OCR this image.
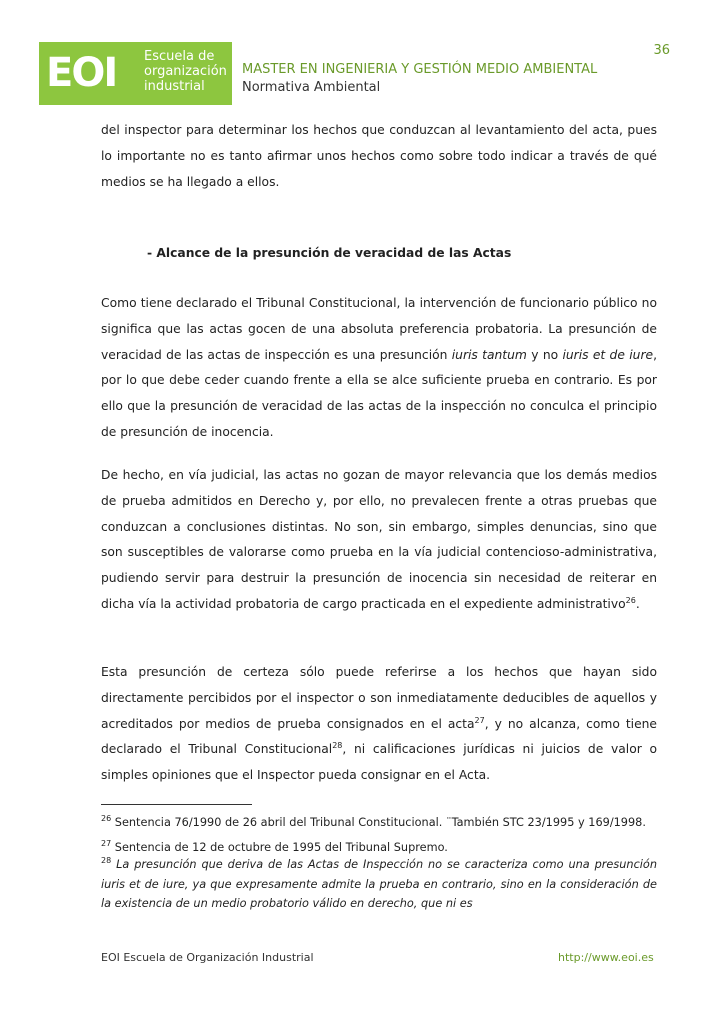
36
EOI Escuela de
organización
industrial
MASTER EN INGENIERIA Y GESTIÓN MEDIO AMBIENTAL
Normativa Ambiental
del inspector para determinar los hechos que conduzcan al levantamiento del acta, pues lo importante no es tanto afirmar unos hechos como sobre todo indicar a través de qué medios se ha llegado a ellos.
- Alcance de la presunción de veracidad de las Actas
Como tiene declarado el Tribunal Constitucional, la intervención de funcionario público no significa que las actas gocen de una absoluta preferencia probatoria. La presunción de veracidad de las actas de inspección es una presunción iuris tantum y no iuris et de iure, por lo que debe ceder cuando frente a ella se alce suficiente prueba en contrario. Es por ello que la presunción de veracidad de las actas de la inspección no conculca el principio de presunción de inocencia.
De hecho, en vía judicial, las actas no gozan de mayor relevancia que los demás medios de prueba admitidos en Derecho y, por ello, no prevalecen frente a otras pruebas que conduzcan a conclusiones distintas. No son, sin embargo, simples denuncias, sino que son susceptibles de valorarse como prueba en la vía judicial contencioso-administrativa, pudiendo servir para destruir la presunción de inocencia sin necesidad de reiterar en dicha vía la actividad probatoria de cargo practicada en el expediente administrativo$^{26}$.
Esta presunción de certeza sólo puede referirse a los hechos que hayan sido directamente percibidos por el inspector o son inmediatamente deducibles de aquellos y acreditados por medios de prueba consignados en el acta$^{27}$, y no alcanza, como tiene declarado el Tribunal Constitucional$^{28}$, ni calificaciones jurídicas ni juicios de valor o simples opiniones que el Inspector pueda consignar en el Acta.
$^{26}$ Sentencia 76/1990 de 26 abril del Tribunal Constitucional. ¨También STC 23/1995 y 169/1998.
$^{27}$ Sentencia de 12 de octubre de 1995 del Tribunal Supremo.
$^{28}$ La presunción que deriva de las Actas de Inspección no se caracteriza como una presunción iuris et de iure, ya que expresamente admite la prueba en contrario, sino en la consideración de la existencia de un medio probatorio válido en derecho, que ni es
EOI Escuela de Organización Industrial	http://www.eoi.es
